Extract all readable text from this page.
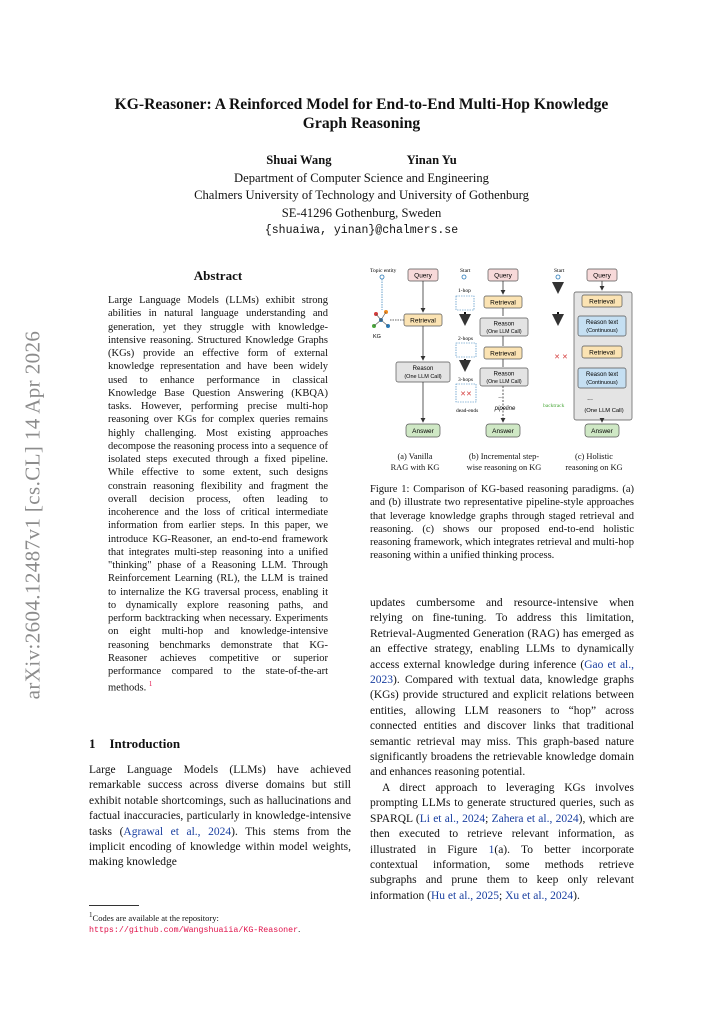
arXiv:2604.12487v1 [cs.CL] 14 Apr 2026
KG-Reasoner: A Reinforced Model for End-to-End Multi-Hop Knowledge
Graph Reasoning
Shuai Wang	Yinan Yu
Department of Computer Science and Engineering
Chalmers University of Technology and University of Gothenburg
SE-41296 Gothenburg, Sweden
{shuaiwa, yinan}@chalmers.se
Abstract
Large Language Models (LLMs) exhibit strong abilities in natural language understanding and generation, yet they struggle with knowledge-intensive reasoning. Structured Knowledge Graphs (KGs) provide an effective form of external knowledge representation and have been widely used to enhance performance in classical Knowledge Base Question Answering (KBQA) tasks. However, performing precise multi-hop reasoning over KGs for complex queries remains highly challenging. Most existing approaches decompose the reasoning process into a sequence of isolated steps executed through a fixed pipeline. While effective to some extent, such designs constrain reasoning flexibility and fragment the overall decision process, often leading to incoherence and the loss of critical intermediate information from earlier steps. In this paper, we introduce KG-Reasoner, an end-to-end framework that integrates multi-step reasoning into a unified "thinking" phase of a Reasoning LLM. Through Reinforcement Learning (RL), the LLM is trained to internalize the KG traversal process, enabling it to dynamically explore reasoning paths, and perform backtracking when necessary. Experiments on eight multi-hop and knowledge-intensive reasoning benchmarks demonstrate that KG-Reasoner achieves competitive or superior performance compared to the state-of-the-art methods. $^1$
1 Introduction
Large Language Models (LLMs) have achieved remarkable success across diverse domains but still exhibit notable shortcomings, such as hallucinations and factual inaccuracies, particularly in knowledge-intensive tasks (Agrawal et al., 2024). This stems from the implicit encoding of knowledge within model weights, making knowledge
$^1$Codes are available at the repository: https://github.com/Wangshuaiia/KG-Reasoner.
Topic entity
Query
KG
Retrieval
Reason
(One LLM Call)
Answer
Start
Query
1-hop
Retrieval
Reason
(One LLM Call)
2-hops
Retrieval
Reason
(One LLM Call)
3-hops
✕✕
dead-ends
...
pipeline
Answer
Start
Query
Retrieval
Reason text
(Continuous)
Retrieval
Reason text
(Continuous)
...
(One LLM Call)
✕ ✕
backtrack
Answer
(a) Vanilla
RAG with KG
(b) Incremental step-
wise reasoning on KG
(c) Holistic
reasoning on KG
Figure 1: Comparison of KG-based reasoning paradigms. (a) and (b) illustrate two representative pipeline-style approaches that leverage knowledge graphs through staged retrieval and reasoning. (c) shows our proposed end-to-end holistic reasoning framework, which integrates retrieval and multi-hop reasoning within a unified thinking process.

updates cumbersome and resource-intensive when relying on fine-tuning. To address this limitation, Retrieval-Augmented Generation (RAG) has emerged as an effective strategy, enabling LLMs to dynamically access external knowledge during inference (Gao et al., 2023). Compared with textual data, knowledge graphs (KGs) provide structured and explicit relations between entities, allowing LLM reasoners to “hop” across connected entities and discover links that traditional semantic retrieval may miss. This graph-based nature significantly broadens the retrievable knowledge domain and enhances reasoning potential.

A direct approach to leveraging KGs involves prompting LLMs to generate structured queries, such as SPARQL (Li et al., 2024; Zahera et al., 2024), which are then executed to retrieve relevant information, as illustrated in Figure 1(a). To better incorporate contextual information, some methods retrieve subgraphs and prune them to keep only relevant information (Hu et al., 2025; Xu et al., 2024).
